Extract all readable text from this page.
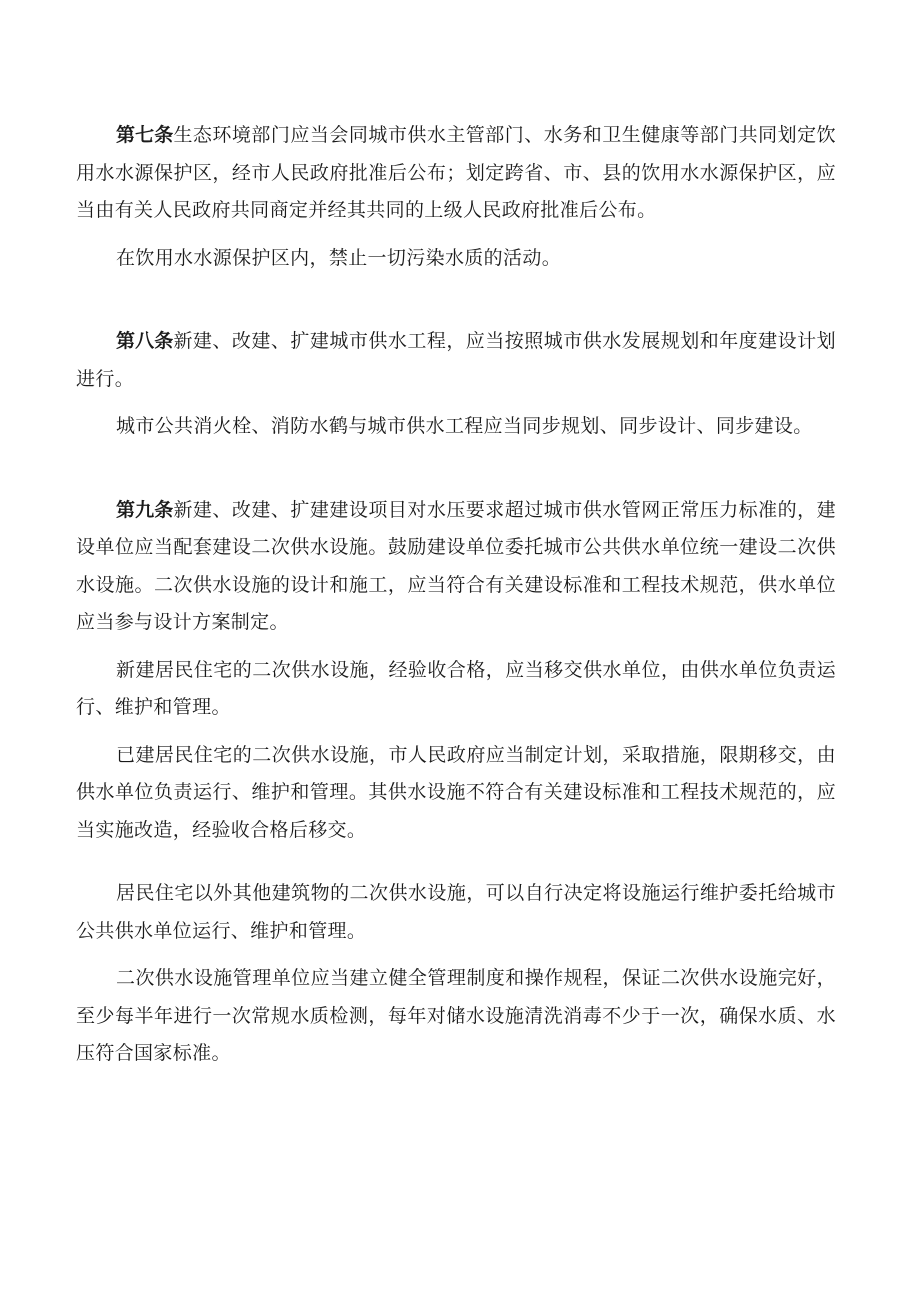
第七条生态环境部门应当会同城市供水主管部门、水务和卫生健康等部门共同划定饮用水水源保护区，经市人民政府批准后公布；划定跨省、市、县的饮用水水源保护区，应当由有关人民政府共同商定并经其共同的上级人民政府批准后公布。

在饮用水水源保护区内，禁止一切污染水质的活动。

第八条新建、改建、扩建城市供水工程，应当按照城市供水发展规划和年度建设计划进行。

城市公共消火栓、消防水鹤与城市供水工程应当同步规划、同步设计、同步建设。

第九条新建、改建、扩建建设项目对水压要求超过城市供水管网正常压力标准的，建设单位应当配套建设二次供水设施。鼓励建设单位委托城市公共供水单位统一建设二次供水设施。二次供水设施的设计和施工，应当符合有关建设标准和工程技术规范，供水单位应当参与设计方案制定。

新建居民住宅的二次供水设施，经验收合格，应当移交供水单位，由供水单位负责运行、维护和管理。

已建居民住宅的二次供水设施，市人民政府应当制定计划，采取措施，限期移交，由供水单位负责运行、维护和管理。其供水设施不符合有关建设标准和工程技术规范的，应当实施改造，经验收合格后移交。

居民住宅以外其他建筑物的二次供水设施，可以自行决定将设施运行维护委托给城市公共供水单位运行、维护和管理。

二次供水设施管理单位应当建立健全管理制度和操作规程，保证二次供水设施完好，至少每半年进行一次常规水质检测，每年对储水设施清洗消毒不少于一次，确保水质、水压符合国家标准。
